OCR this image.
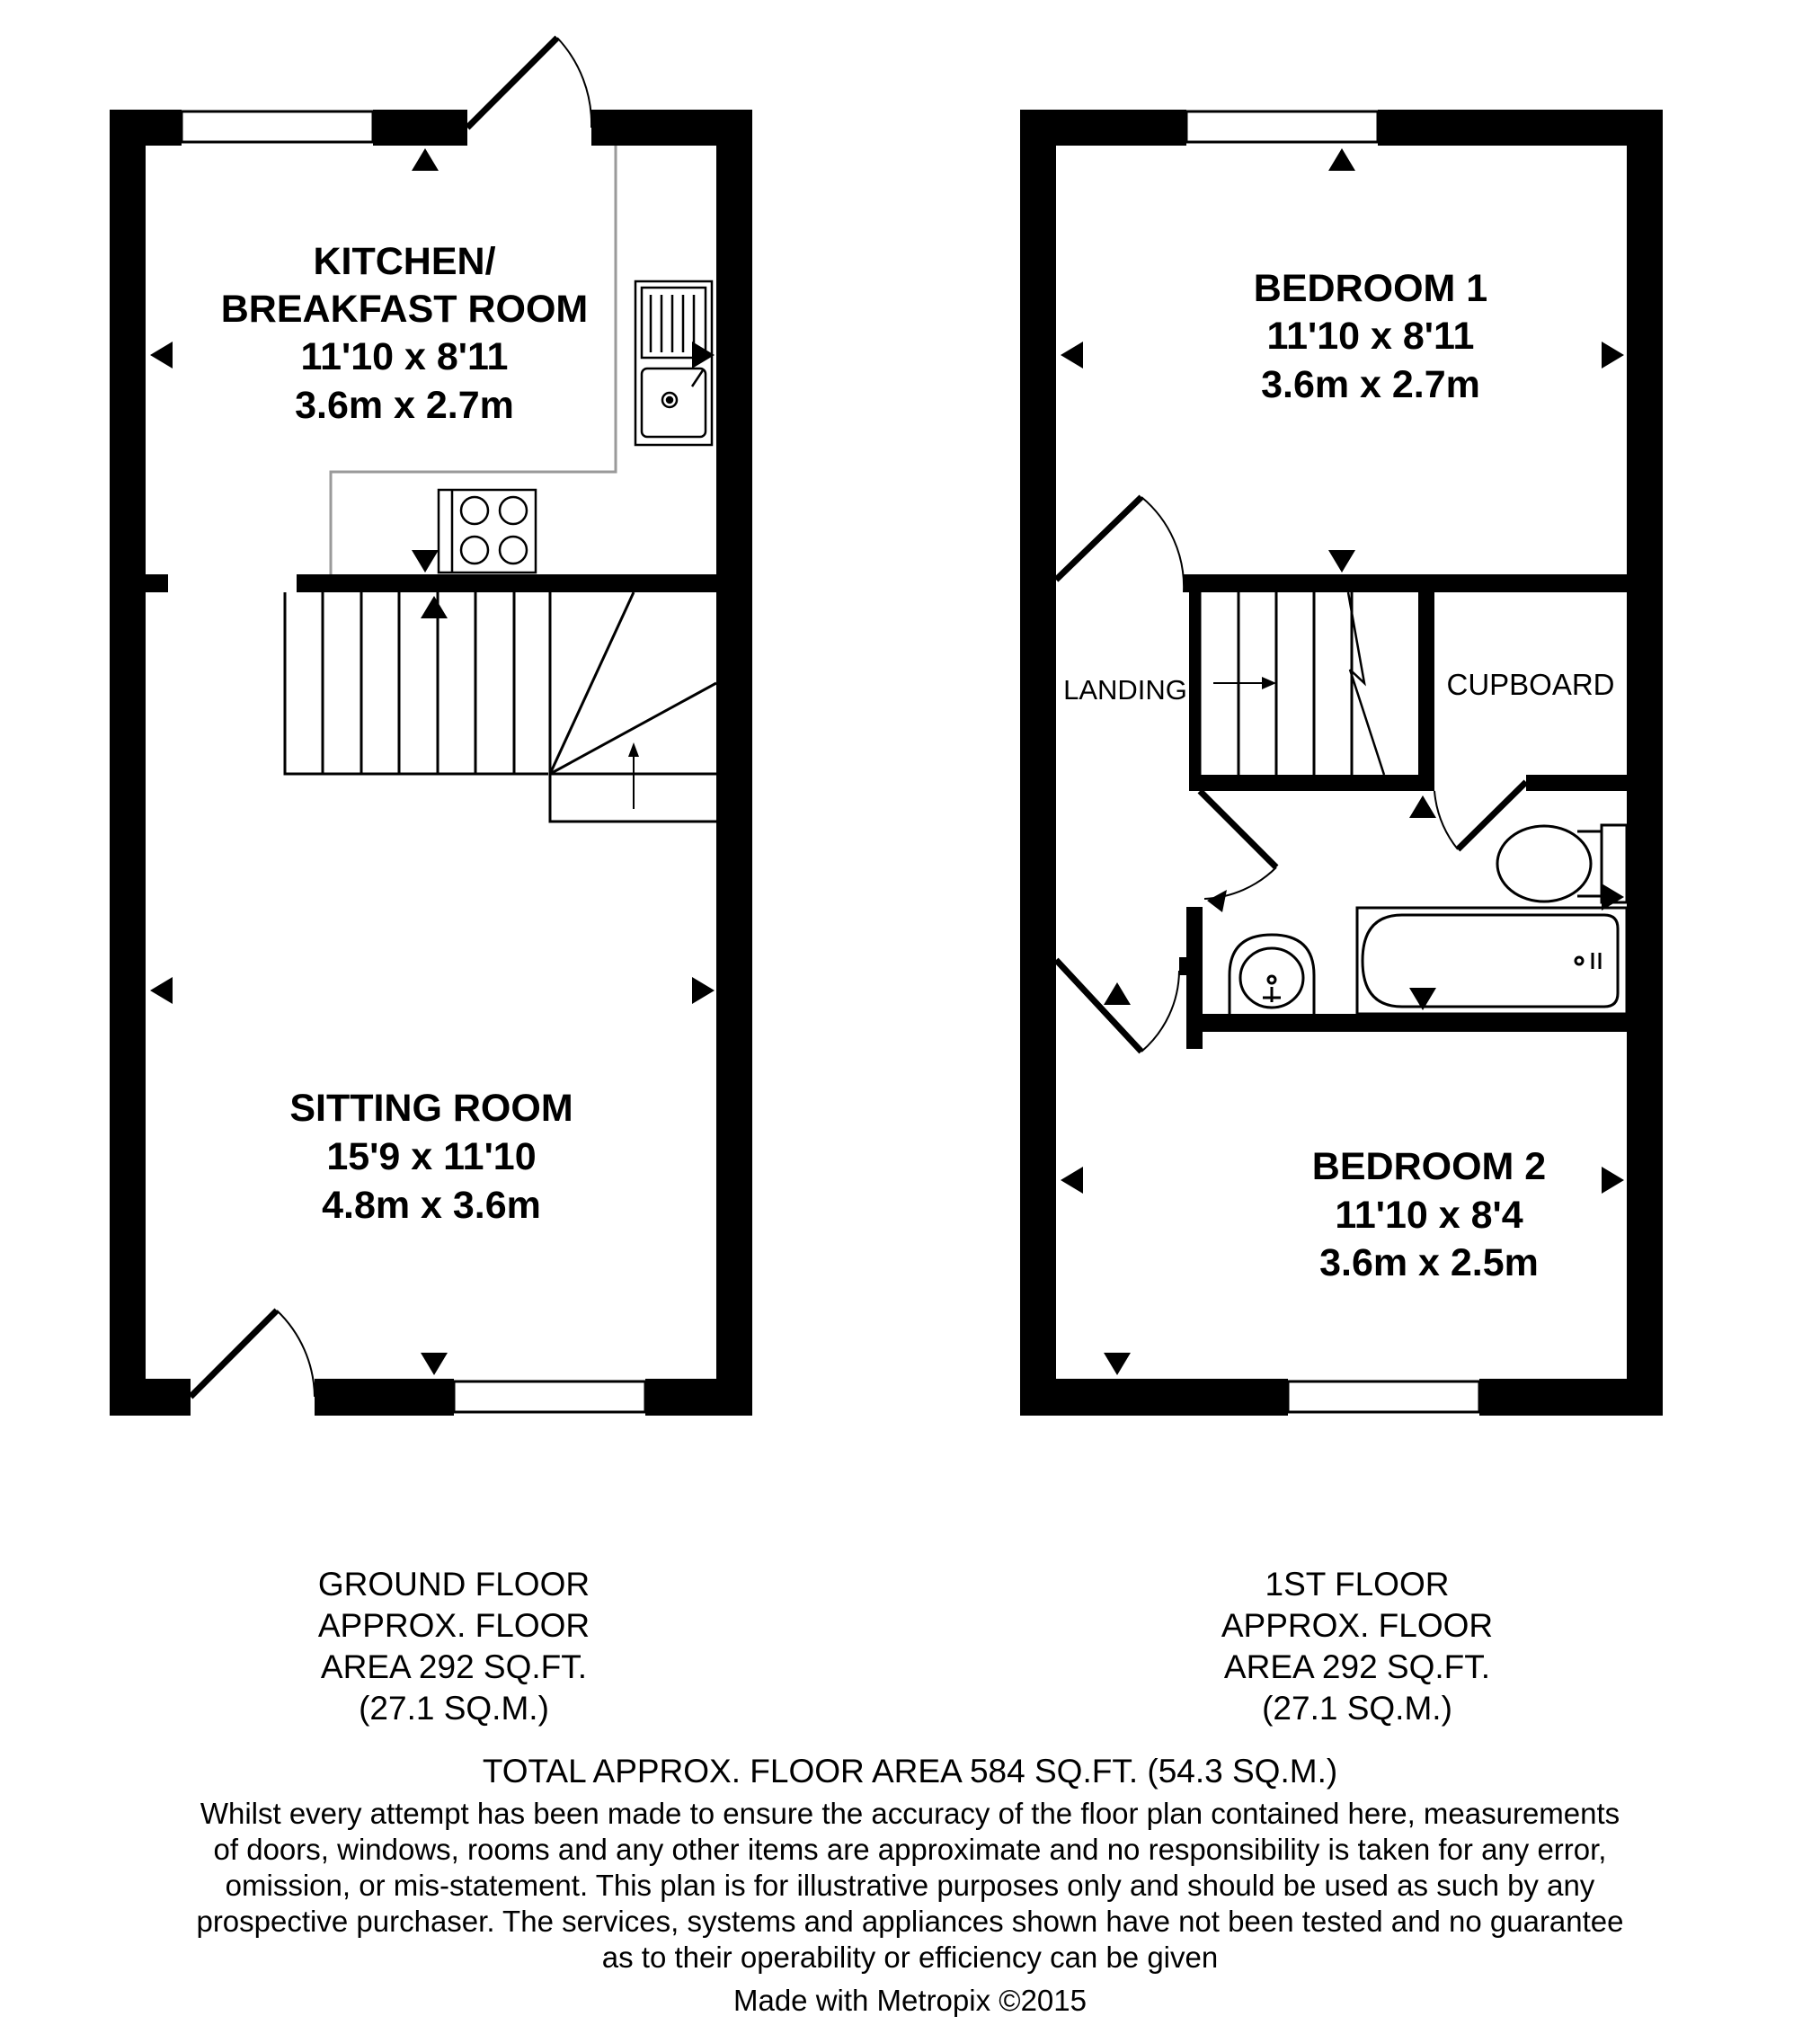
KITCHEN/
BREAKFAST ROOM
11'10 x 8'11
3.6m x 2.7m
SITTING ROOM
15'9 x 11'10
4.8m x 3.6m
BEDROOM 1
11'10 x 8'11
3.6m x 2.7m
BEDROOM 2
11'10 x 8'4
3.6m x 2.5m
LANDING	CUPBOARD
GROUND FLOOR
APPROX. FLOOR
AREA 292 SQ.FT.
(27.1 SQ.M.)
1ST FLOOR
APPROX. FLOOR
AREA 292 SQ.FT.
(27.1 SQ.M.)
TOTAL APPROX. FLOOR AREA 584 SQ.FT. (54.3 SQ.M.)
Whilst every attempt has been made to ensure the accuracy of the floor plan contained here, measurements
of doors, windows, rooms and any other items are approximate and no responsibility is taken for any error,
omission, or mis-statement. This plan is for illustrative purposes only and should be used as such by any
prospective purchaser. The services, systems and appliances shown have not been tested and no guarantee
as to their operability or efficiency can be given
Made with Metropix ©2015
